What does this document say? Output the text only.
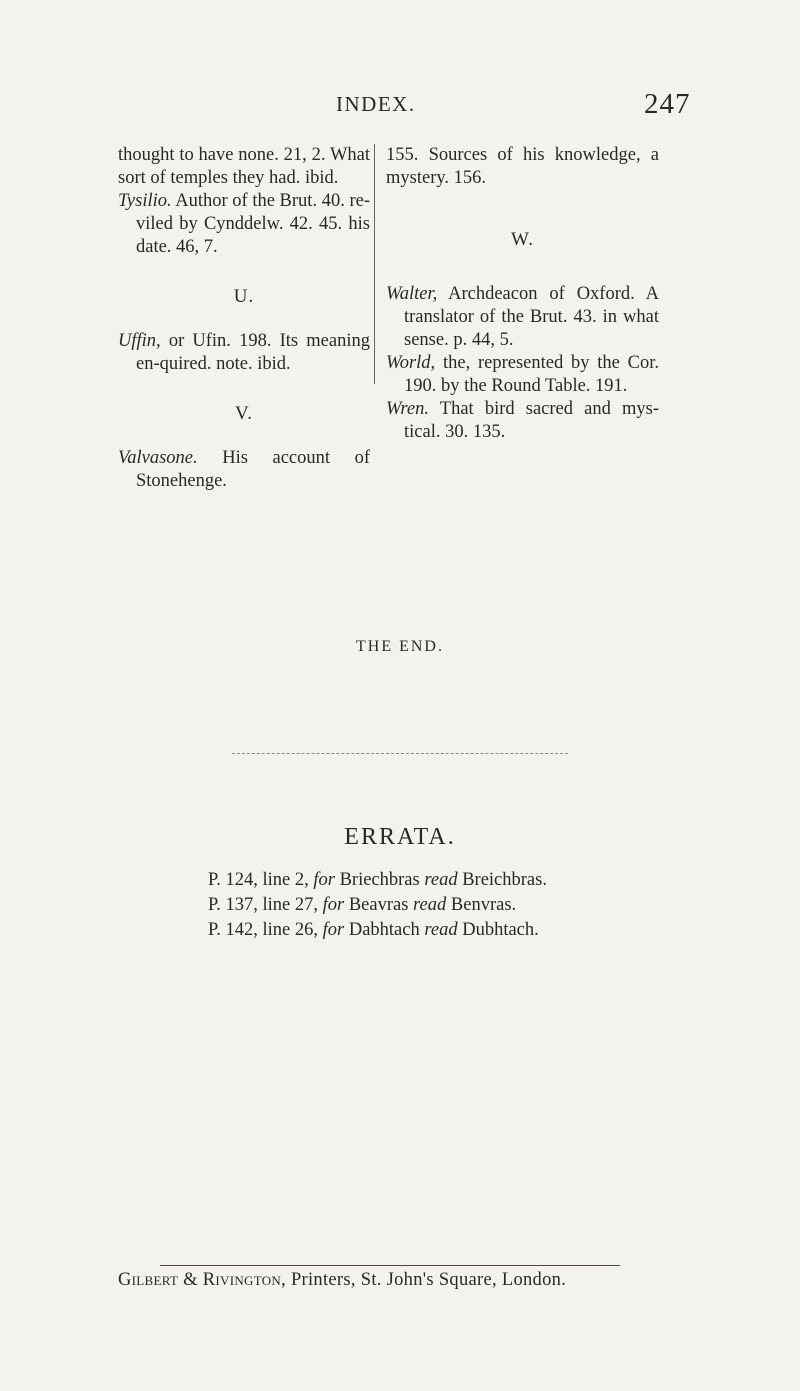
INDEX.	247

thought to have none. 21, 2. What sort of temples they had. ibid.

Tysilio. Author of the Brut. 40. re-viled by Cynddelw. 42. 45. his date. 46, 7.

U.

Uffin, or Ufin. 198. Its meaning en-quired. note. ibid.

V.

Valvasone. His account of Stonehenge.

155. Sources of his knowledge, a mystery. 156.

W.

Walter, Archdeacon of Oxford. A translator of the Brut. 43. in what sense. p. 44, 5.

World, the, represented by the Cor. 190. by the Round Table. 191.

Wren. That bird sacred and mys-tical. 30. 135.

THE END.
ERRATA.
P. 124, line 2, for Briechbras read Breichbras.
P. 137, line 27, for Beavras read Benvras.
P. 142, line 26, for Dabhtach read Dubhtach.
Gilbert & Rivington, Printers, St. John's Square, London.
